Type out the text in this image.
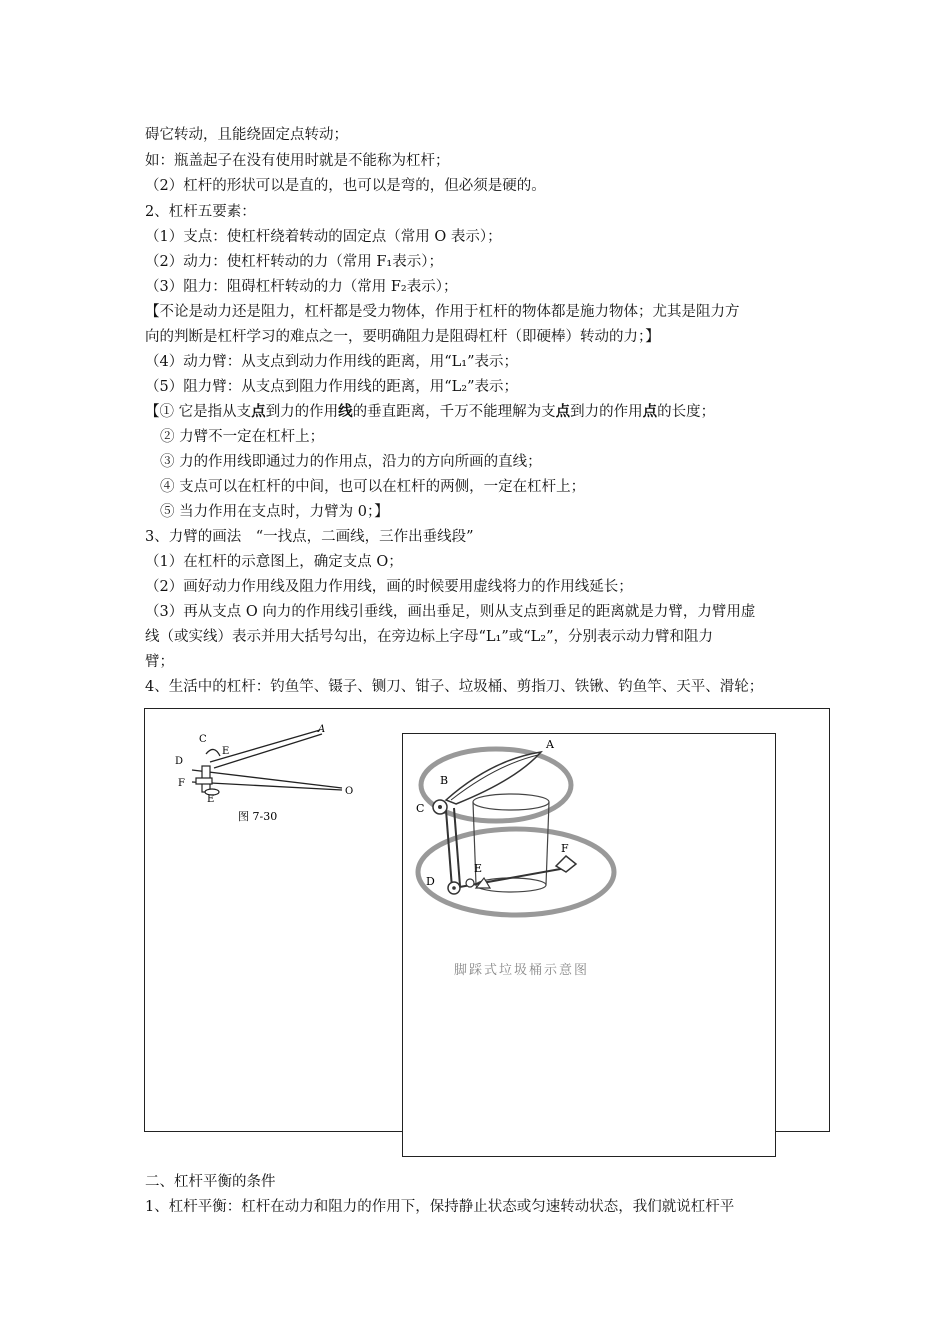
碍它转动，且能绕固定点转动；
如：瓶盖起子在没有使用时就是不能称为杠杆；
（2）杠杆的形状可以是直的，也可以是弯的，但必须是硬的。
2、杠杆五要素：
（1）支点：使杠杆绕着转动的固定点（常用 O 表示）；
（2）动力：使杠杆转动的力（常用 F₁表示）；
（3）阻力：阻碍杠杆转动的力（常用 F₂表示）；
【不论是动力还是阻力，杠杆都是受力物体，作用于杠杆的物体都是施力物体；尤其是阻力方
向的判断是杠杆学习的难点之一，要明确阻力是阻碍杠杆（即硬棒）转动的力；】
（4）动力臂：从支点到动力作用线的距离，用“L₁”表示；
（5）阻力臂：从支点到阻力作用线的距离，用“L₂”表示；
【① 它是指从支点到力的作用线的垂直距离，千万不能理解为支点到力的作用点的长度；
② 力臂不一定在杠杆上；
③ 力的作用线即通过力的作用点，沿力的方向所画的直线；
④ 支点可以在杠杆的中间，也可以在杠杆的两侧，一定在杠杆上；
⑤ 当力作用在支点时，力臂为 0；】
3、力臂的画法　“一找点，二画线，三作出垂线段”
（1）在杠杆的示意图上，确定支点 O；
（2）画好动力作用线及阻力作用线，画的时候要用虚线将力的作用线延长；
（3）再从支点 O 向力的作用线引垂线，画出垂足，则从支点到垂足的距离就是力臂，力臂用虚
线（或实线）表示并用大括号勾出，在旁边标上字母“L₁”或“L₂”，分别表示动力臂和阻力
臂；
4、生活中的杠杆：钓鱼竿、镊子、铡刀、钳子、垃圾桶、剪指刀、铁锹、钓鱼竿、天平、滑轮；
A
C
E
D
F
E
O
图 7-30
A
B
C
D
E
F
脚踩式垃圾桶示意图
二、杠杆平衡的条件
1、杠杆平衡：杠杆在动力和阻力的作用下，保持静止状态或匀速转动状态，我们就说杠杆平
